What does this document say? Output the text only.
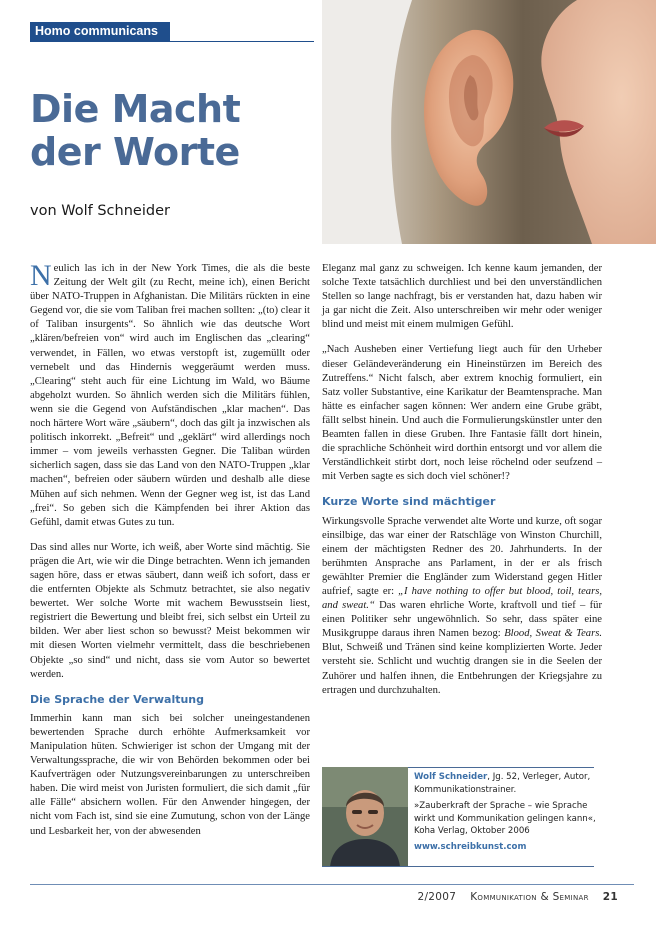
Homo communicans
Die Macht
der Worte
von Wolf Schneider

Neulich las ich in der New York Times, die als die beste Zeitung der Welt gilt (zu Recht, meine ich), einen Bericht über NATO-Truppen in Afghanistan. Die Militärs rückten in eine Gegend vor, die sie vom Taliban frei machen sollten: „(to) clear it of Taliban insurgents“. So ähnlich wie das deutsche Wort „klären/befreien von“ wird auch im Englischen das „clearing“ verwendet, in Fällen, wo etwas verstopft ist, zugemüllt oder vernebelt und das Hindernis weggeräumt werden muss. „Clearing“ steht auch für eine Lichtung im Wald, wo Bäume abgeholzt wurden. So ähnlich werden sich die Militärs fühlen, wenn sie die Gegend von Aufständischen „klar machen“. Das noch härtere Wort wäre „säubern“, doch das gilt ja inzwischen als politisch inkorrekt. „Befreit“ und „geklärt“ wird allerdings noch immer – vom jeweils verhassten Gegner. Die Taliban würden sicherlich sagen, dass sie das Land von den NATO-Truppen „klar machen“, befreien oder säubern würden und deshalb alle diese Mühen auf sich nehmen. Wenn der Gegner weg ist, ist das Land „frei“. So geben sich die Kämpfenden bei ihrer Aktion das Gefühl, damit etwas Gutes zu tun.

Das sind alles nur Worte, ich weiß, aber Worte sind mächtig. Sie prägen die Art, wie wir die Dinge betrachten. Wenn ich jemanden sagen höre, dass er etwas säubert, dann weiß ich sofort, dass er die entfernten Objekte als Schmutz betrachtet, sie also negativ bewertet. Wer solche Worte mit wachem Bewusstsein liest, registriert die Bewertung und bleibt frei, sich selbst ein Urteil zu bilden. Wer aber liest schon so bewusst? Meist bekommen wir mit diesen Worten vielmehr vermittelt, dass die beschriebenen Objekte „so sind“ und nicht, dass sie vom Autor so bewertet werden.

Die Sprache der Verwaltung

Immerhin kann man sich bei solcher uneingestandenen bewertenden Sprache durch erhöhte Aufmerksamkeit vor Manipulation hüten. Schwieriger ist schon der Umgang mit der Verwaltungssprache, die wir von Behörden bekommen oder bei Kaufverträgen oder Nutzungsvereinbarungen zu unterschreiben haben. Die wird meist von Juristen formuliert, die sich damit „für alle Fälle“ absichern wollen. Für den Anwender hingegen, der nicht vom Fach ist, sind sie eine Zumutung, schon von der Länge und Lesbarkeit her, von der abwesenden

Eleganz mal ganz zu schweigen. Ich kenne kaum jemanden, der solche Texte tatsächlich durchliest und bei den unverständlichen Stellen so lange nachfragt, bis er verstanden hat, dazu haben wir ja gar nicht die Zeit. Also unterschreiben wir mehr oder weniger blind und meist mit einem mulmigen Gefühl.

„Nach Ausheben einer Vertiefung liegt auch für den Urheber dieser Geländeveränderung ein Hineinstürzen im Bereich des Zutreffens.“ Nicht falsch, aber extrem knochig formuliert, ein Satz voller Substantive, eine Karikatur der Beamtensprache. Man hätte es einfacher sagen können: Wer andern eine Grube gräbt, fällt selbst hinein. Und auch die Formulierungskünstler unter den Beamten fallen in diese Gruben. Ihre Fantasie fällt dort hinein, die sprachliche Schönheit wird dorthin entsorgt und vor allem die Verständlichkeit stirbt dort, noch leise röchelnd oder seufzend – mit Verben sagte es sich doch viel schöner!?

Kurze Worte sind mächtiger

Wirkungsvolle Sprache verwendet alte Worte und kurze, oft sogar einsilbige, das war einer der Ratschläge von Winston Churchill, einem der mächtigsten Redner des 20. Jahrhunderts. In der berühmten Ansprache ans Parlament, in der er als frisch gewählter Premier die Engländer zum Widerstand gegen Hitler aufrief, sagte er: „I have nothing to offer but blood, toil, tears, and sweat.“ Das waren ehrliche Worte, kraftvoll und tief – für einen Politiker sehr ungewöhnlich. So sehr, dass später eine Musikgruppe daraus ihren Namen bezog: Blood, Sweat & Tears. Blut, Schweiß und Tränen sind keine komplizierten Worte. Jeder versteht sie. Schlicht und wuchtig drangen sie in die Seelen der Zuhörer und halfen ihnen, die Entbehrungen der Kriegsjahre zu ertragen und durchzuhalten.

Wolf Schneider, Jg. 52, Verleger, Autor, Kommunikationstrainer.
»Zauberkraft der Sprache – wie Sprache wirkt und Kommunikation gelingen kann«, Koha Verlag, Oktober 2006
www.schreibkunst.com
2/2007 Kommunikation & Seminar 21
